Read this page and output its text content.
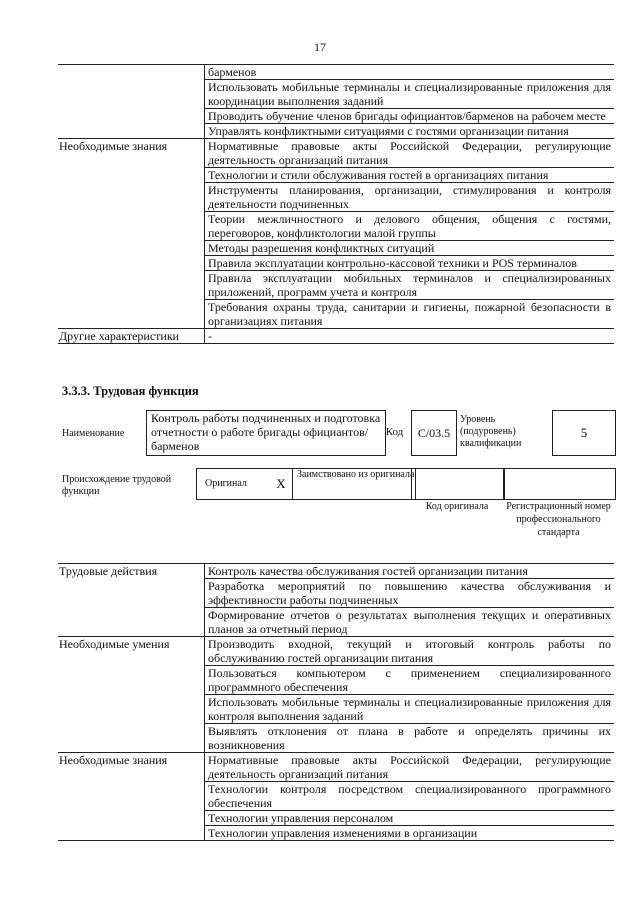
17
	барменов
	Использовать мобильные терминалы и специализированные приложения для координации выполнения заданий
	Проводить обучение членов бригады официантов/барменов на рабочем месте
	Управлять конфликтными ситуациями с гостями организации питания
Необходимые знания	Нормативные правовые акты Российской Федерации, регулирующие деятельность организаций питания
	Технологии и стили обслуживания гостей в организациях питания
	Инструменты планирования, организации, стимулирования и контроля деятельности подчиненных
	Теории межличностного и делового общения, общения с гостями, переговоров, конфликтологии малой группы
	Методы разрешения конфликтных ситуаций
	Правила эксплуатации контрольно-кассовой техники и POS терминалов
	Правила эксплуатации мобильных терминалов и специализированных приложений, программ учета и контроля
	Требования охраны труда, санитарии и гигиены, пожарной безопасности в организациях питания
Другие характеристики	-
3.3.3. Трудовая функция
Наименование
Контроль работы подчиненных и подготовка отчетности о работе бригады официантов/барменов
Код	C/03.5
Уровень (подуровень) квалификации
5
Происхождение трудовой функции
Оригинал	X
Заимствовано из оригинала
Код оригинала	Регистрационный номер профессионального стандарта
Трудовые действия	Контроль качества обслуживания гостей организации питания
	Разработка мероприятий по повышению качества обслуживания и эффективности работы подчиненных
	Формирование отчетов о результатах выполнения текущих и оперативных планов за отчетный период
Необходимые умения	Производить входной, текущий и итоговый контроль работы по обслуживанию гостей организации питания
	Пользоваться компьютером с применением специализированного программного обеспечения
	Использовать мобильные терминалы и специализированные приложения для контроля выполнения заданий
	Выявлять отклонения от плана в работе и определять причины их возникновения
Необходимые знания	Нормативные правовые акты Российской Федерации, регулирующие деятельность организаций питания
	Технологии контроля посредством специализированного программного обеспечения
	Технологии управления персоналом
	Технологии управления изменениями в организации
